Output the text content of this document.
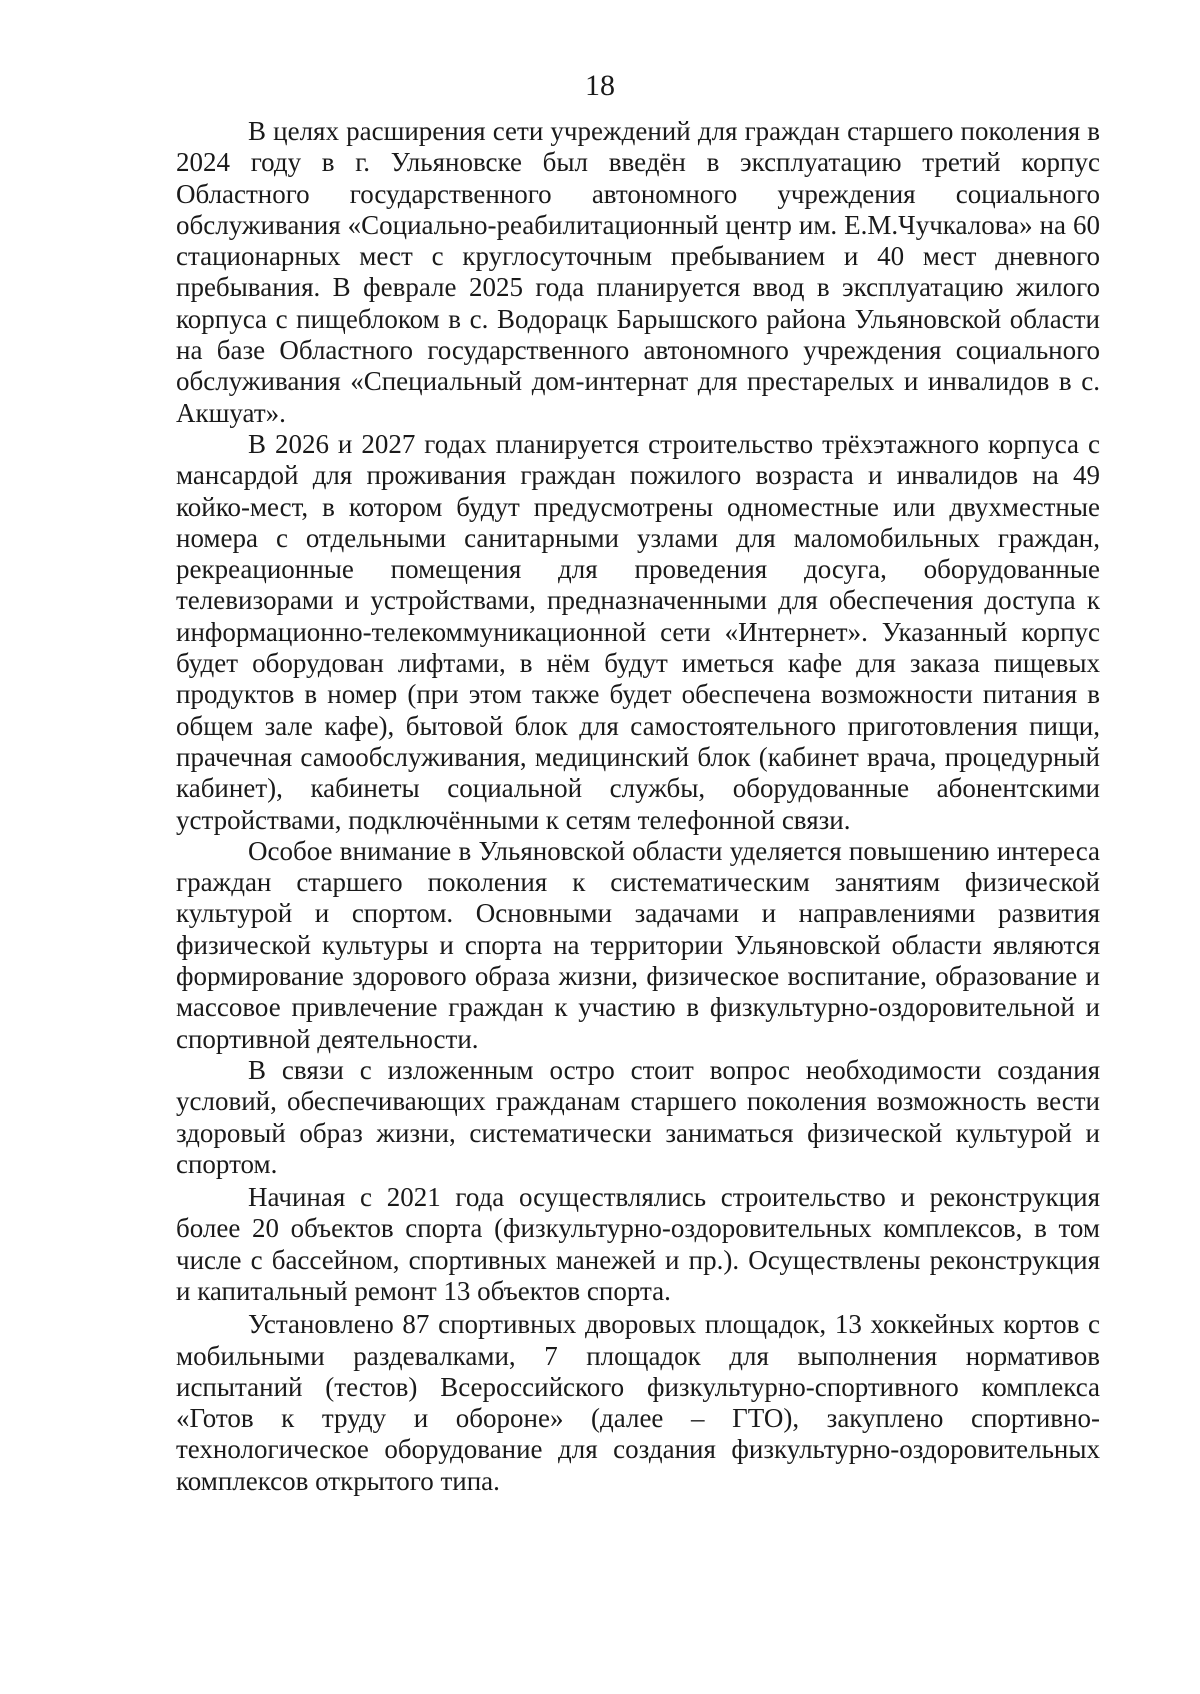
18

В целях расширения сети учреждений для граждан старшего поколения в 2024 году в г. Ульяновске был введён в эксплуатацию третий корпус Областного государственного автономного учреждения социального обслуживания «Социально-реабилитационный центр им. Е.М.Чучкалова» на 60 стационарных мест с круглосуточным пребыванием и 40 мест дневного пребывания. В феврале 2025 года планируется ввод в эксплуатацию жилого корпуса с пищеблоком в с. Водорацк Барышского района Ульяновской области на базе Областного государственного автономного учреждения социального обслуживания «Специальный дом-интернат для престарелых и инвалидов в с. Акшуат».

В 2026 и 2027 годах планируется строительство трёхэтажного корпуса с мансардой для проживания граждан пожилого возраста и инвалидов на 49 койко-мест, в котором будут предусмотрены одноместные или двухместные номера с отдельными санитарными узлами для маломобильных граждан, рекреационные помещения для проведения досуга, оборудованные телевизорами и устройствами, предназначенными для обеспечения доступа к информационно-телекоммуникационной сети «Интернет». Указанный корпус будет оборудован лифтами, в нём будут иметься кафе для заказа пищевых продуктов в номер (при этом также будет обеспечена возможности питания в общем зале кафе), бытовой блок для самостоятельного приготовления пищи, прачечная самообслуживания, медицинский блок (кабинет врача, процедурный кабинет), кабинеты социальной службы, оборудованные абонентскими устройствами, подключёнными к сетям телефонной связи.

Особое внимание в Ульяновской области уделяется повышению интереса граждан старшего поколения к систематическим занятиям физической культурой и спортом. Основными задачами и направлениями развития физической культуры и спорта на территории Ульяновской области являются формирование здорового образа жизни, физическое воспитание, образование и массовое привлечение граждан к участию в физкультурно-оздоровительной и спортивной деятельности.

В связи с изложенным остро стоит вопрос необходимости создания условий, обеспечивающих гражданам старшего поколения возможность вести здоровый образ жизни, систематически заниматься физической культурой и спортом.

Начиная с 2021 года осуществлялись строительство и реконструкция более 20 объектов спорта (физкультурно-оздоровительных комплексов, в том числе с бассейном, спортивных манежей и пр.). Осуществлены реконструкция и капитальный ремонт 13 объектов спорта.

Установлено 87 спортивных дворовых площадок, 13 хоккейных кортов с мобильными раздевалками, 7 площадок для выполнения нормативов испытаний (тестов) Всероссийского физкультурно-спортивного комплекса «Готов к труду и обороне» (далее – ГТО), закуплено спортивно-технологическое оборудование для создания физкультурно-оздоровительных комплексов открытого типа.
